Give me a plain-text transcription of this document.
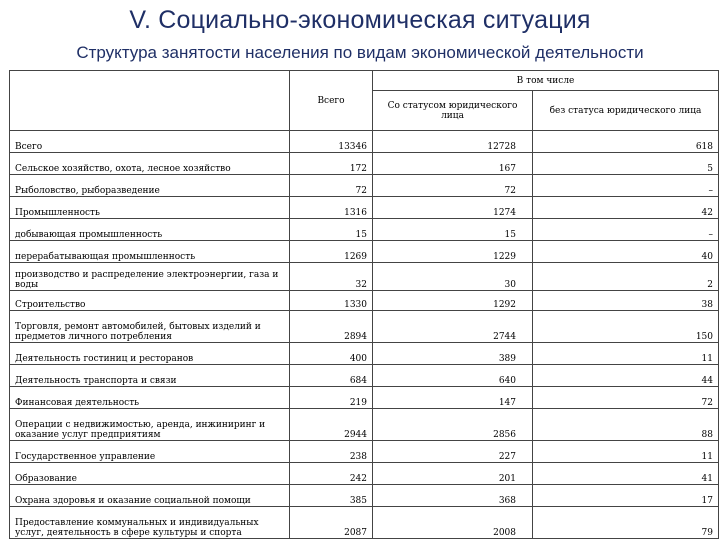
V. Социально-экономическая ситуация
Структура занятости населения по видам экономической деятельности
	Всего	В том числе	
		Со статусом юридического лица	без статуса юридического лица
Всего	13346	12728	618
Сельское хозяйство, охота, лесное хозяйство	172	167	5
Рыболовство, рыборазведение	72	72	–
Промышленность	1316	1274	42
добывающая промышленность	15	15	–
перерабатывающая промышленность	1269	1229	40
производство и распределение электроэнергии, газа и воды	32	30	2
Строительство	1330	1292	38
Торговля, ремонт автомобилей, бытовых изделий и предметов личного потребления	2894	2744	150
Деятельность гостиниц и ресторанов	400	389	11
Деятельность транспорта и связи	684	640	44
Финансовая деятельность	219	147	72
Операции с недвижимостью, аренда, инжиниринг и оказание услуг предприятиям	2944	2856	88
Государственное управление	238	227	11
Образование	242	201	41
Охрана здоровья и оказание социальной помощи	385	368	17
Предоставление коммунальных и индивидуальных услуг, деятельность в сфере культуры и спорта	2087	2008	79
